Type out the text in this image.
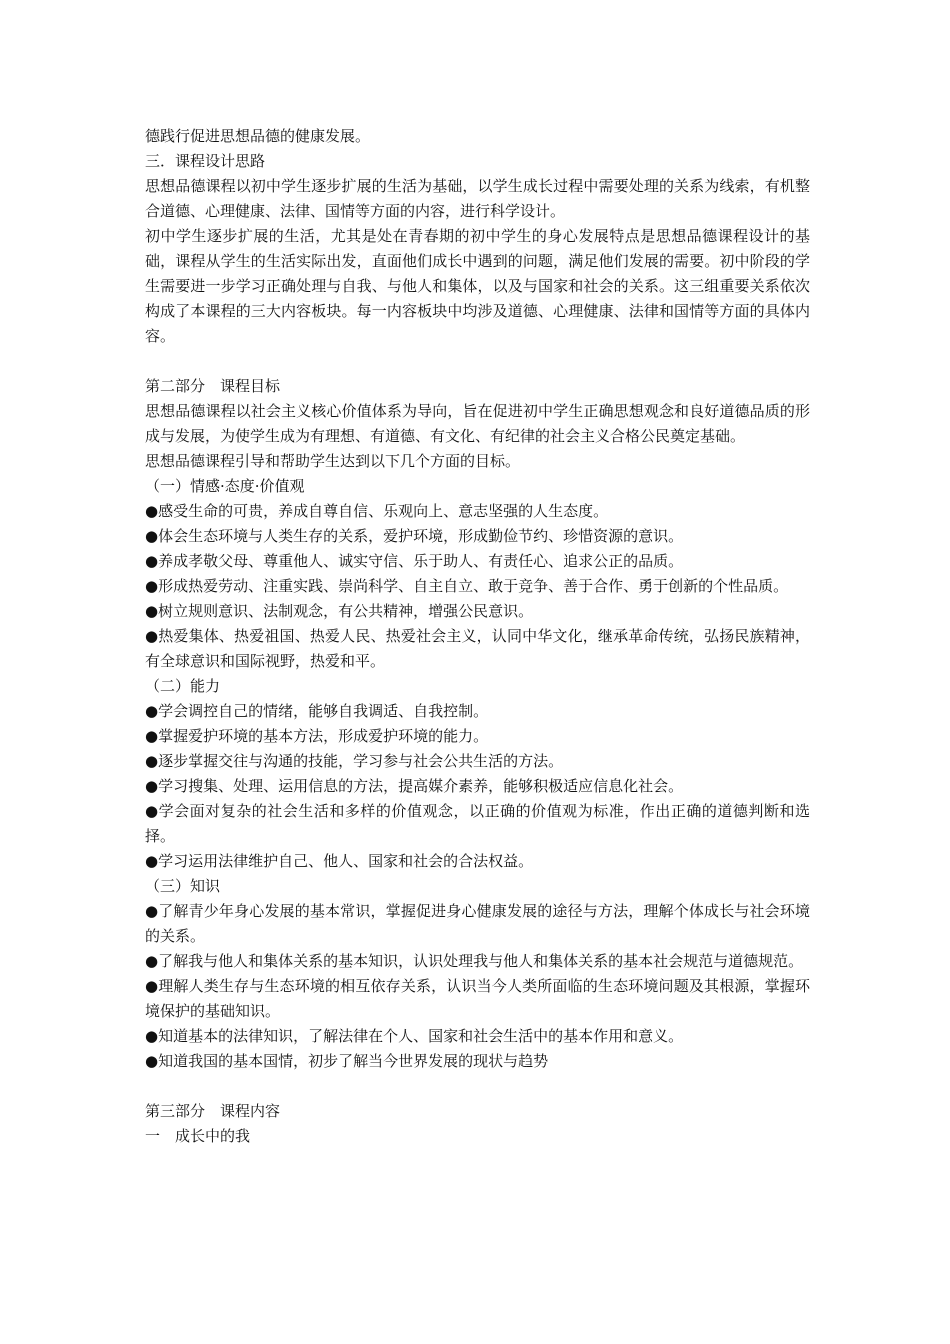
德践行促进思想品德的健康发展。

三．课程设计思路

思想品德课程以初中学生逐步扩展的生活为基础，以学生成长过程中需要处理的关系为线索，有机整合道德、心理健康、法律、国情等方面的内容，进行科学设计。

初中学生逐步扩展的生活，尤其是处在青春期的初中学生的身心发展特点是思想品德课程设计的基础，课程从学生的生活实际出发，直面他们成长中遇到的问题，满足他们发展的需要。初中阶段的学生需要进一步学习正确处理与自我、与他人和集体，以及与国家和社会的关系。这三组重要关系依次构成了本课程的三大内容板块。每一内容板块中均涉及道德、心理健康、法律和国情等方面的具体内容。

第二部分　课程目标

思想品德课程以社会主义核心价值体系为导向，旨在促进初中学生正确思想观念和良好道德品质的形成与发展，为使学生成为有理想、有道德、有文化、有纪律的社会主义合格公民奠定基础。

思想品德课程引导和帮助学生达到以下几个方面的目标。

（一）情感·态度·价值观

●感受生命的可贵，养成自尊自信、乐观向上、意志坚强的人生态度。

●体会生态环境与人类生存的关系，爱护环境，形成勤俭节约、珍惜资源的意识。

●养成孝敬父母、尊重他人、诚实守信、乐于助人、有责任心、追求公正的品质。

●形成热爱劳动、注重实践、崇尚科学、自主自立、敢于竞争、善于合作、勇于创新的个性品质。

●树立规则意识、法制观念，有公共精神，增强公民意识。

●热爱集体、热爱祖国、热爱人民、热爱社会主义，认同中华文化，继承革命传统，弘扬民族精神，有全球意识和国际视野，热爱和平。

（二）能力

●学会调控自己的情绪，能够自我调适、自我控制。

●掌握爱护环境的基本方法，形成爱护环境的能力。

●逐步掌握交往与沟通的技能，学习参与社会公共生活的方法。

●学习搜集、处理、运用信息的方法，提高媒介素养，能够积极适应信息化社会。

●学会面对复杂的社会生活和多样的价值观念，以正确的价值观为标准，作出正确的道德判断和选择。

●学习运用法律维护自己、他人、国家和社会的合法权益。

（三）知识

●了解青少年身心发展的基本常识，掌握促进身心健康发展的途径与方法，理解个体成长与社会环境的关系。

●了解我与他人和集体关系的基本知识，认识处理我与他人和集体关系的基本社会规范与道德规范。

●理解人类生存与生态环境的相互依存关系，认识当今人类所面临的生态环境问题及其根源，掌握环境保护的基础知识。

●知道基本的法律知识，了解法律在个人、国家和社会生活中的基本作用和意义。

●知道我国的基本国情，初步了解当今世界发展的现状与趋势

第三部分　课程内容

一　成长中的我
